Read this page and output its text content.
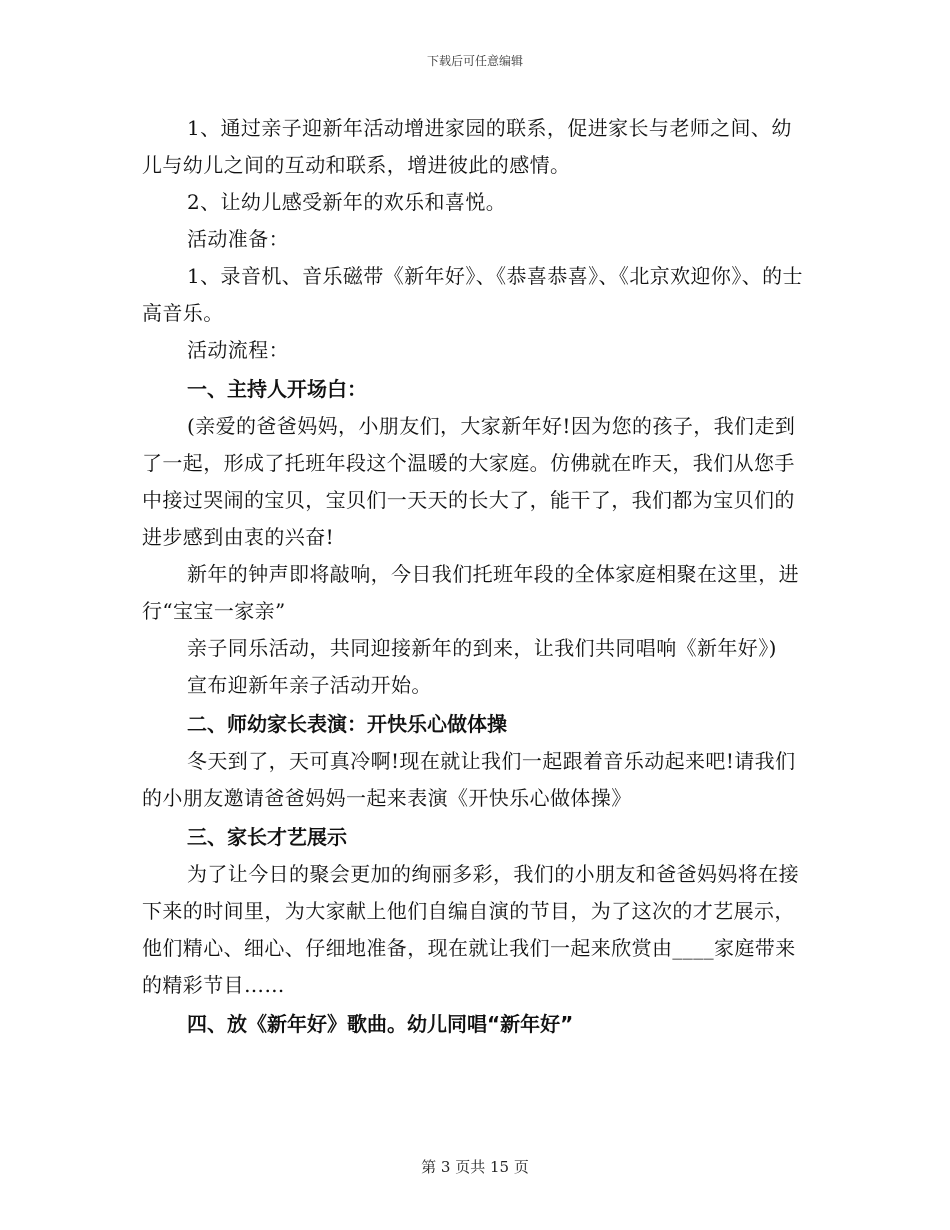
下载后可任意编辑

1、通过亲子迎新年活动增进家园的联系，促进家长与老师之间、幼儿与幼儿之间的互动和联系，增进彼此的感情。

2、让幼儿感受新年的欢乐和喜悦。

活动准备：

1、录音机、音乐磁带《新年好》、《恭喜恭喜》、《北京欢迎你》、的士高音乐。

活动流程：

一、主持人开场白：

(亲爱的爸爸妈妈，小朋友们，大家新年好!因为您的孩子，我们走到了一起，形成了托班年段这个温暖的大家庭。仿佛就在昨天，我们从您手中接过哭闹的宝贝，宝贝们一天天的长大了，能干了，我们都为宝贝们的进步感到由衷的兴奋!

新年的钟声即将敲响，今日我们托班年段的全体家庭相聚在这里，进行“宝宝一家亲”

亲子同乐活动，共同迎接新年的到来，让我们共同唱响《新年好》)

宣布迎新年亲子活动开始。

二、师幼家长表演：开快乐心做体操

冬天到了，天可真冷啊!现在就让我们一起跟着音乐动起来吧!请我们的小朋友邀请爸爸妈妈一起来表演《开快乐心做体操》

三、家长才艺展示

为了让今日的聚会更加的绚丽多彩，我们的小朋友和爸爸妈妈将在接下来的时间里，为大家献上他们自编自演的节目，为了这次的才艺展示，他们精心、细心、仔细地准备，现在就让我们一起来欣赏由____家庭带来的精彩节目……

四、放《新年好》歌曲。幼儿同唱“新年好”

第 3 页共 15 页
